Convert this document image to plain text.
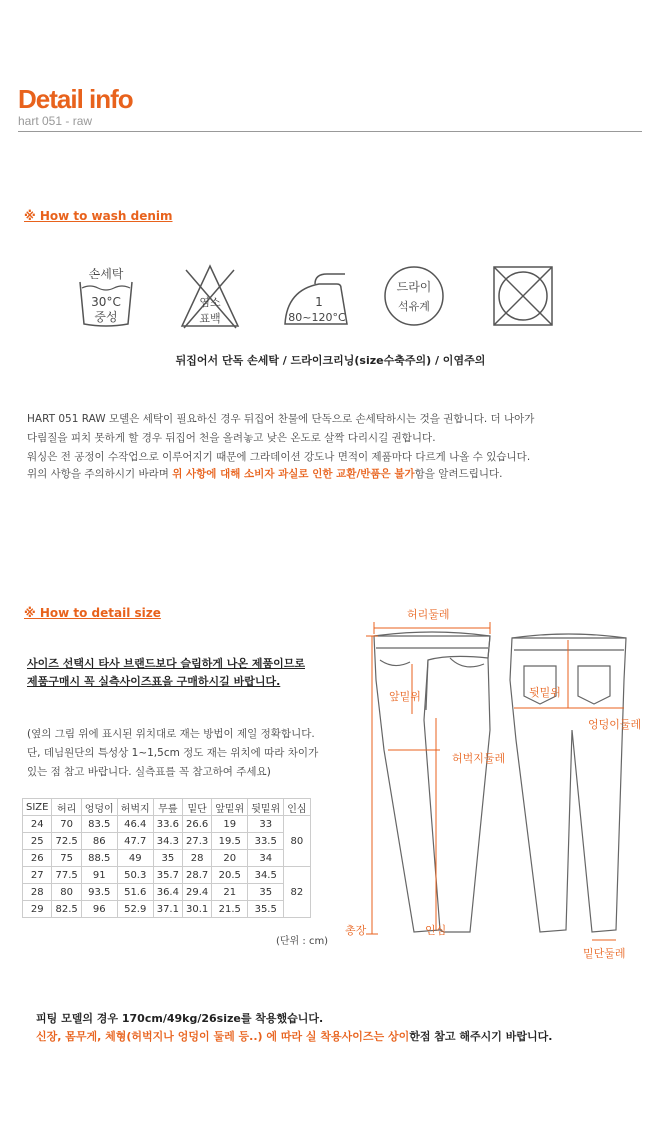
Detail info
hart 051 - raw
※ How to wash denim
손세탁
30°C
중성
염소
표백
1
80~120°C
드라이
석유계
뒤집어서 단독 손세탁 / 드라이크리닝(size수축주의) / 이염주의
HART 051 RAW 모델은 세탁이 필요하신 경우 뒤집어 찬물에 단독으로 손세탁하시는 것을 권합니다. 더 나아가
다림질을 피치 못하게 할 경우 뒤집어 천을 올려놓고 낮은 온도로 살짝 다리시길 권합니다.
워싱은 전 공정이 수작업으로 이루어지기 때문에 그라데이션 강도나 면적이 제품마다 다르게 나올 수 있습니다.
위의 사항을 주의하시기 바라며 위 사항에 대해 소비자 과실로 인한 교환/반품은 불가함을 알려드립니다.
※ How to detail size
사이즈 선택시 타사 브랜드보다 슬림하게 나온 제품이므로
제품구매시 꼭 실측사이즈표을 구매하시길 바랍니다.
(옆의 그림 위에 표시된 위치대로 재는 방법이 제일 정확합니다.
단, 데님원단의 특성상 1~1,5cm 정도 재는 위치에 따라 차이가
있는 점 참고 바랍니다. 실측표를 꼭 참고하여 주세요)
SIZE	허리	엉덩이	허벅지	무릎	밑단	앞밑위	뒷밑위	인심
24	70	83.5	46.4	33.6	26.6	19	33	80
25	72.5	86	47.7	34.3	27.3	19.5	33.5	
26	75	88.5	49	35	28	20	34	
27	77.5	91	50.3	35.7	28.7	20.5	34.5	82
28	80	93.5	51.6	36.4	29.4	21	35	
29	82.5	96	52.9	37.1	30.1	21.5	35.5	
(단위 : cm)
허리둘레
앞밑위	뒷밑위
엉덩이둘레
허벅지둘레
총장	인심
밑단둘레
피팅 모델의 경우 170cm/49kg/26size를 착용했습니다.
신장, 몸무게, 체형(허벅지나 엉덩이 둘레 등..) 에 따라 실 착용사이즈는 상이한점 참고 해주시기 바랍니다.
